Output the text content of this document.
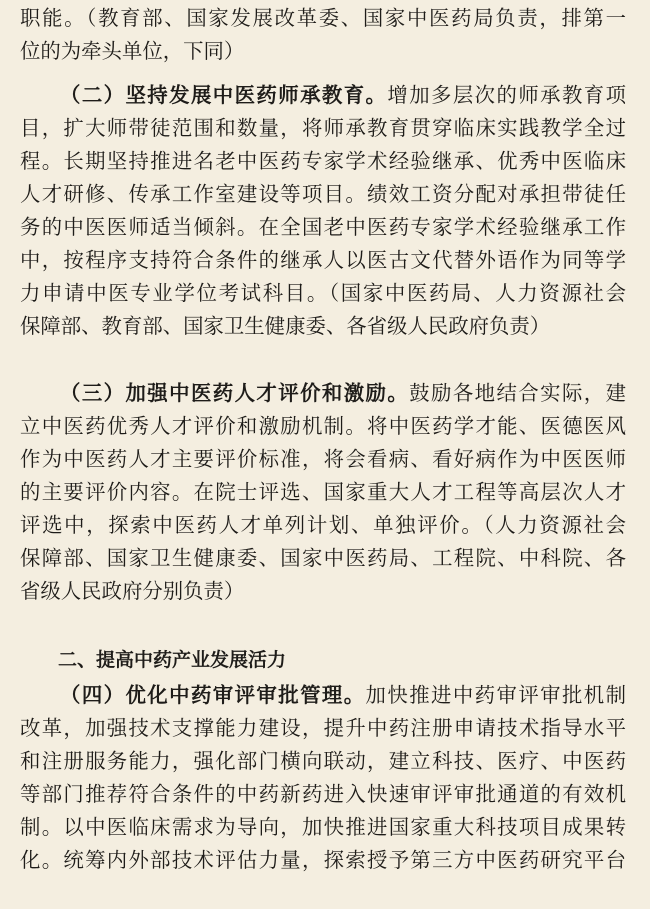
职能。（教育部、国家发展改革委、国家中医药局负责，排第一
位的为牵头单位，下同）
（二）坚持发展中医药师承教育。增加多层次的师承教育项
目，扩大师带徒范围和数量，将师承教育贯穿临床实践教学全过
程。长期坚持推进名老中医药专家学术经验继承、优秀中医临床
人才研修、传承工作室建设等项目。绩效工资分配对承担带徒任
务的中医医师适当倾斜。在全国老中医药专家学术经验继承工作
中，按程序支持符合条件的继承人以医古文代替外语作为同等学
力申请中医专业学位考试科目。（国家中医药局、人力资源社会
保障部、教育部、国家卫生健康委、各省级人民政府负责）
（三）加强中医药人才评价和激励。鼓励各地结合实际，建
立中医药优秀人才评价和激励机制。将中医药学才能、医德医风
作为中医药人才主要评价标准，将会看病、看好病作为中医医师
的主要评价内容。在院士评选、国家重大人才工程等高层次人才
评选中，探索中医药人才单列计划、单独评价。（人力资源社会
保障部、国家卫生健康委、国家中医药局、工程院、中科院、各
省级人民政府分别负责）
二、提高中药产业发展活力
（四）优化中药审评审批管理。加快推进中药审评审批机制
改革，加强技术支撑能力建设，提升中药注册申请技术指导水平
和注册服务能力，强化部门横向联动，建立科技、医疗、中医药
等部门推荐符合条件的中药新药进入快速审评审批通道的有效机
制。以中医临床需求为导向，加快推进国家重大科技项目成果转
化。统筹内外部技术评估力量，探索授予第三方中医药研究平台
